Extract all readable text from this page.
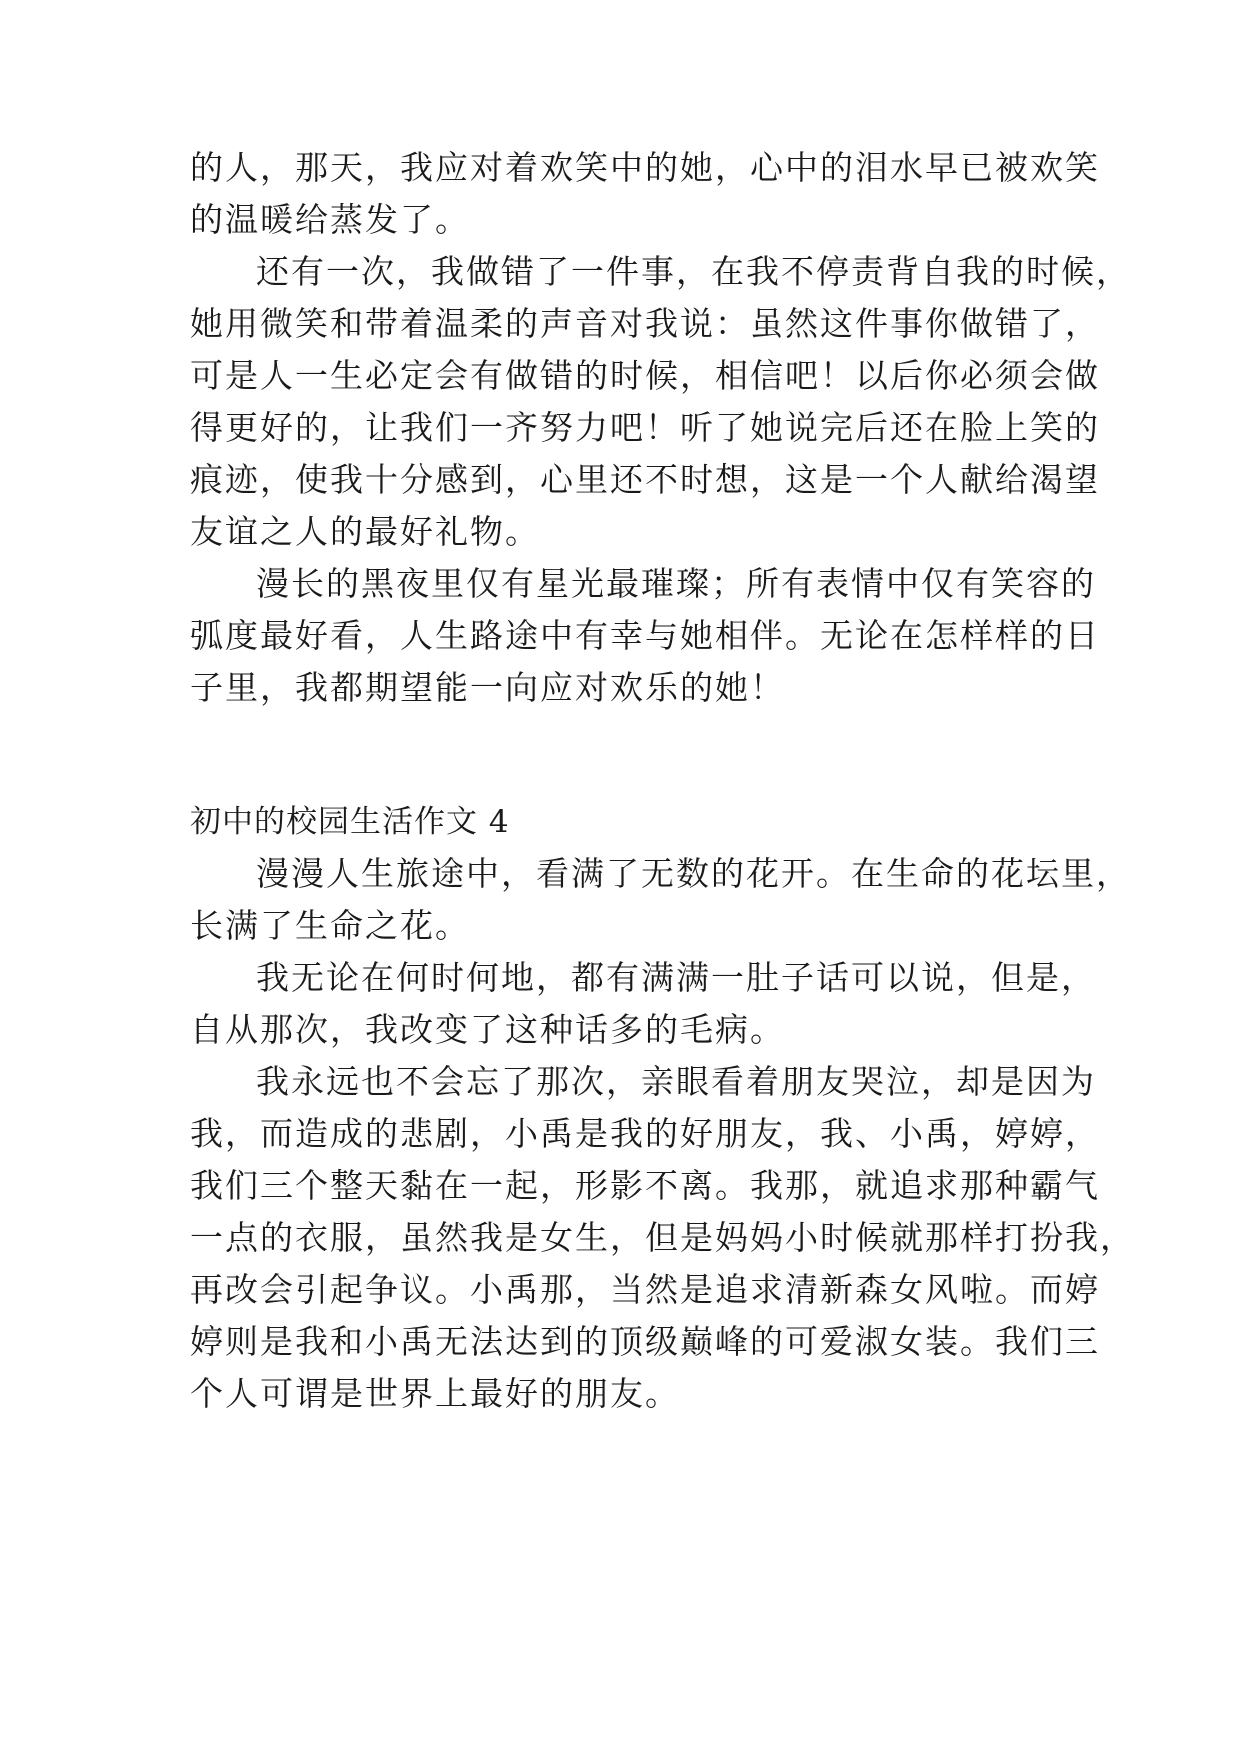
的人，那天，我应对着欢笑中的她，心中的泪水早已被欢笑
的温暖给蒸发了。
还有一次，我做错了一件事，在我不停责背自我的时候，
她用微笑和带着温柔的声音对我说：虽然这件事你做错了，
可是人一生必定会有做错的时候，相信吧！以后你必须会做
得更好的，让我们一齐努力吧！听了她说完后还在脸上笑的
痕迹，使我十分感到，心里还不时想，这是一个人献给渴望
友谊之人的最好礼物。
漫长的黑夜里仅有星光最璀璨；所有表情中仅有笑容的
弧度最好看，人生路途中有幸与她相伴。无论在怎样样的日
子里，我都期望能一向应对欢乐的她！
初中的校园生活作文 4
漫漫人生旅途中，看满了无数的花开。在生命的花坛里，
长满了生命之花。
我无论在何时何地，都有满满一肚子话可以说，但是，
自从那次，我改变了这种话多的毛病。
我永远也不会忘了那次，亲眼看着朋友哭泣，却是因为
我，而造成的悲剧，小禹是我的好朋友，我、小禹，婷婷，
我们三个整天黏在一起，形影不离。我那，就追求那种霸气
一点的衣服，虽然我是女生，但是妈妈小时候就那样打扮我，
再改会引起争议。小禹那，当然是追求清新森女风啦。而婷
婷则是我和小禹无法达到的顶级巅峰的可爱淑女装。我们三
个人可谓是世界上最好的朋友。
